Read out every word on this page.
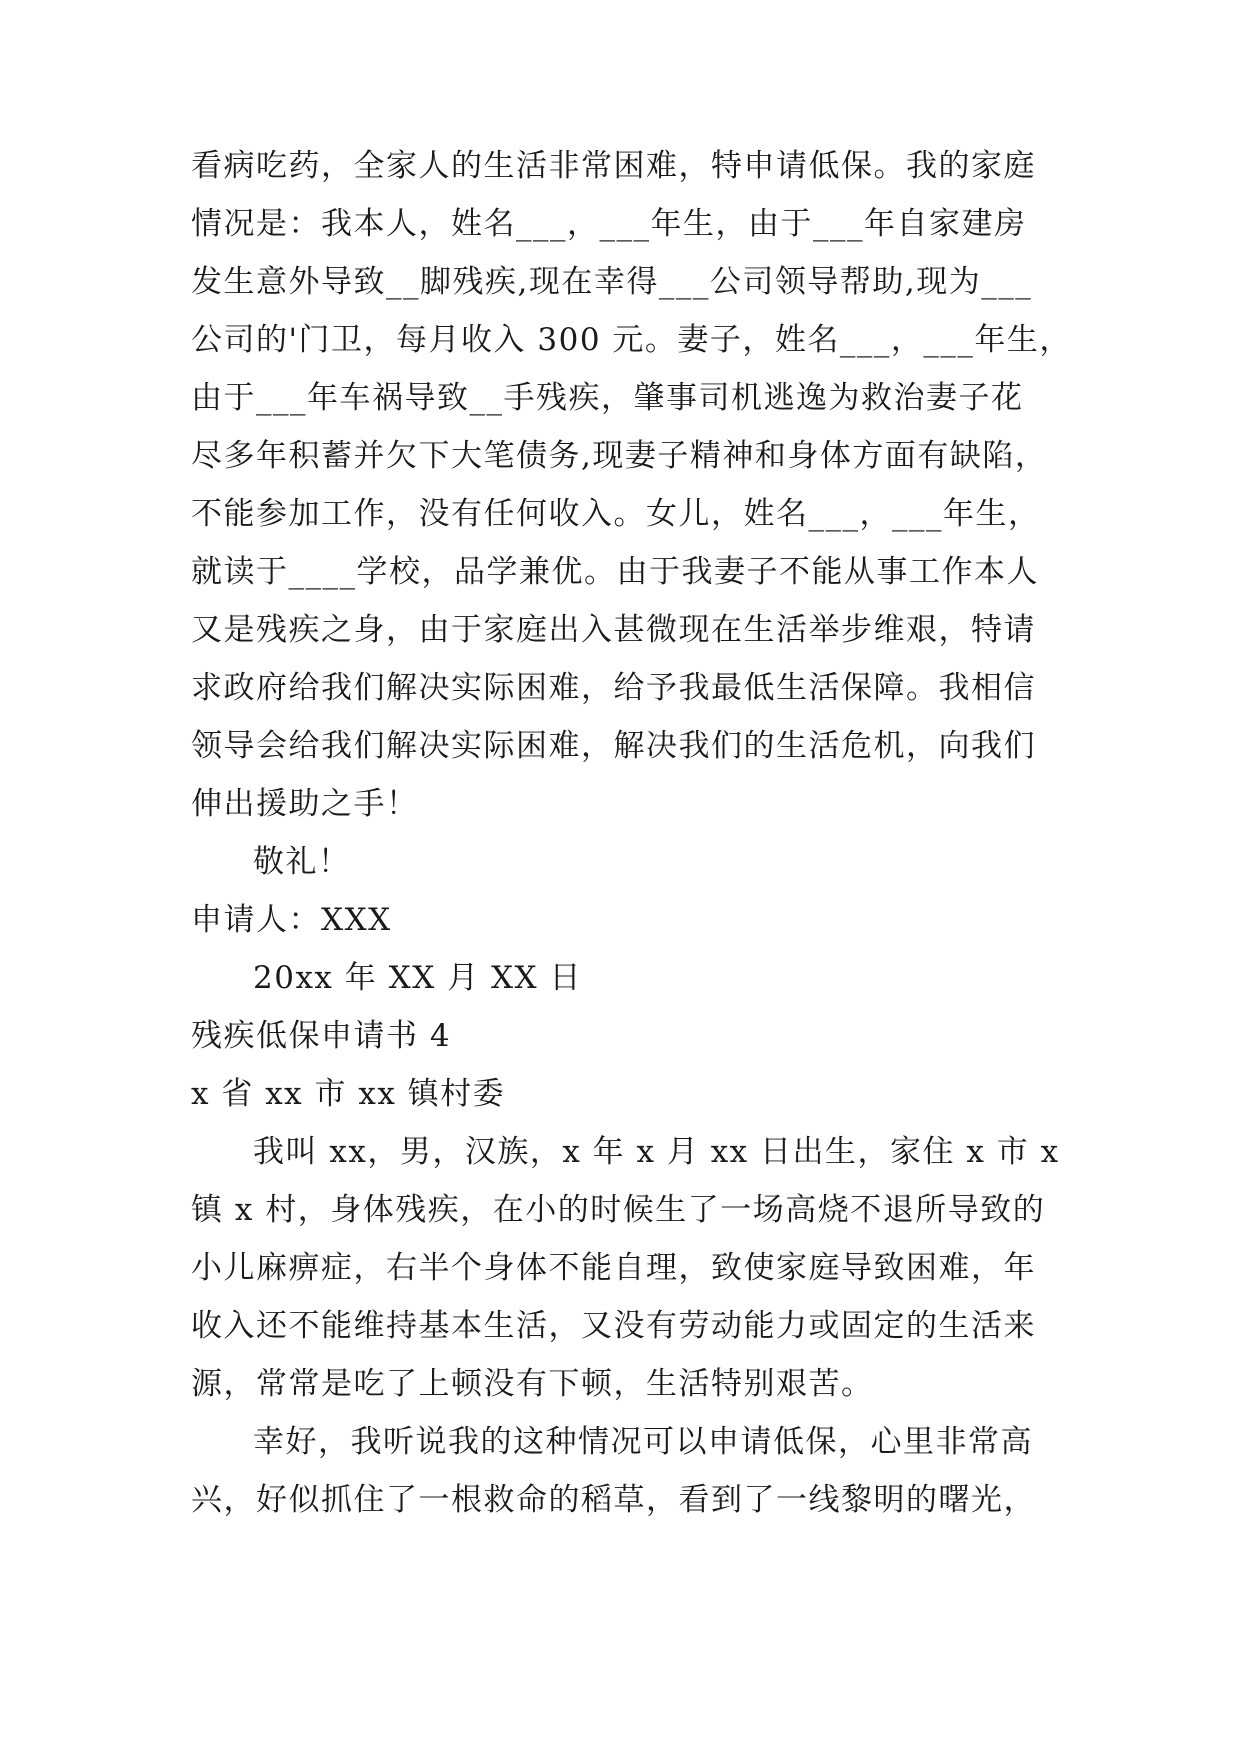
看病吃药，全家人的生活非常困难，特申请低保。我的家庭
情况是：我本人，姓名___，___年生，由于___年自家建房
发生意外导致__脚残疾,现在幸得___公司领导帮助,现为___
公司的'门卫，每月收入 300 元。妻子，姓名___，___年生，
由于___年车祸导致__手残疾，肇事司机逃逸为救治妻子花
尽多年积蓄并欠下大笔债务,现妻子精神和身体方面有缺陷，
不能参加工作，没有任何收入。女儿，姓名___，___年生，
就读于____学校，品学兼优。由于我妻子不能从事工作本人
又是残疾之身，由于家庭出入甚微现在生活举步维艰，特请
求政府给我们解决实际困难，给予我最低生活保障。我相信
领导会给我们解决实际困难，解决我们的生活危机，向我们
伸出援助之手！
敬礼！
申请人：XXX
20xx 年 XX 月 XX 日
残疾低保申请书 4
x 省 xx 市 xx 镇村委
我叫 xx，男，汉族，x 年 x 月 xx 日出生，家住 x 市 x
镇 x 村，身体残疾，在小的时候生了一场高烧不退所导致的
小儿麻痹症，右半个身体不能自理，致使家庭导致困难，年
收入还不能维持基本生活，又没有劳动能力或固定的生活来
源，常常是吃了上顿没有下顿，生活特别艰苦。
幸好，我听说我的这种情况可以申请低保，心里非常高
兴，好似抓住了一根救命的稻草，看到了一线黎明的曙光，
